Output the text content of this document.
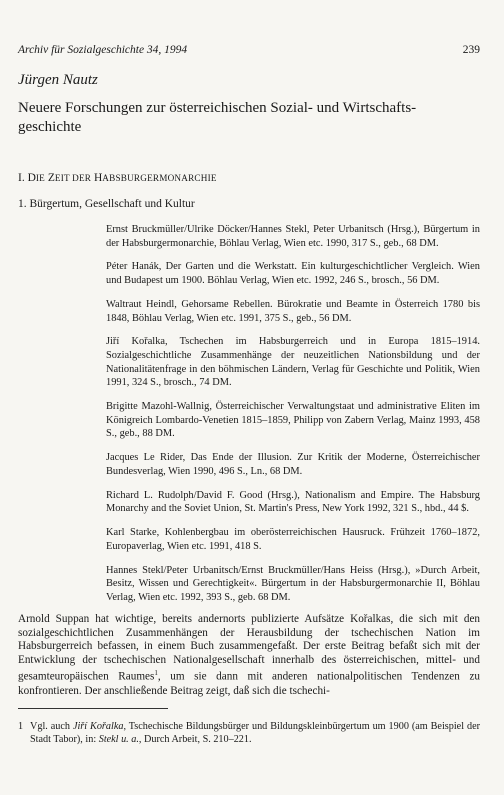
Archiv für Sozialgeschichte 34, 1994	239
Jürgen Nautz
Neuere Forschungen zur österreichischen Sozial- und Wirtschafts-geschichte
I. DIE ZEIT DER HABSBURGERMONARCHIE
1. Bürgertum, Gesellschaft und Kultur
Ernst Bruckmüller/Ulrike Döcker/Hannes Stekl, Peter Urbanitsch (Hrsg.), Bürgertum in der Habsburgermonarchie, Böhlau Verlag, Wien etc. 1990, 317 S., geb., 68 DM.
Péter Hanák, Der Garten und die Werkstatt. Ein kulturgeschichtlicher Vergleich. Wien und Budapest um 1900. Böhlau Verlag, Wien etc. 1992, 246 S., brosch., 56 DM.
Waltraut Heindl, Gehorsame Rebellen. Bürokratie und Beamte in Österreich 1780 bis 1848, Böhlau Verlag, Wien etc. 1991, 375 S., geb., 56 DM.
Jiří Kořalka, Tschechen im Habsburgerreich und in Europa 1815–1914. Sozialgeschichtliche Zusammenhänge der neuzeitlichen Nationsbildung und der Nationalitätenfrage in den böhmischen Ländern, Verlag für Geschichte und Politik, Wien 1991, 324 S., brosch., 74 DM.
Brigitte Mazohl-Wallnig, Österreichischer Verwaltungstaat und administrative Eliten im Königreich Lombardo-Venetien 1815–1859, Philipp von Zabern Verlag, Mainz 1993, 458 S., geb., 88 DM.
Jacques Le Rider, Das Ende der Illusion. Zur Kritik der Moderne, Österreichischer Bundesverlag, Wien 1990, 496 S., Ln., 68 DM.
Richard L. Rudolph/David F. Good (Hrsg.), Nationalism and Empire. The Habsburg Monarchy and the Soviet Union, St. Martin's Press, New York 1992, 321 S., hbd., 44 $.
Karl Starke, Kohlenbergbau im oberösterreichischen Hausruck. Frühzeit 1760–1872, Europaverlag, Wien etc. 1991, 418 S.
Hannes Stekl/Peter Urbanitsch/Ernst Bruckmüller/Hans Heiss (Hrsg.), »Durch Arbeit, Besitz, Wissen und Gerechtigkeit«. Bürgertum in der Habsburgermonarchie II, Böhlau Verlag, Wien etc. 1992, 393 S., geb. 68 DM.

Arnold Suppan hat wichtige, bereits andernorts publizierte Aufsätze Kořalkas, die sich mit den sozialgeschichtlichen Zusammenhängen der Herausbildung der tschechischen Nation im Habsburgerreich befassen, in einem Buch zusammengefaßt. Der erste Beitrag befaßt sich mit der Entwicklung der tschechischen Nationalgesellschaft innerhalb des österreichischen, mittel- und gesamteuropäischen Raumes$^1$, um sie dann mit anderen nationalpolitischen Tendenzen zu konfrontieren. Der anschließende Beitrag zeigt, daß sich die tschechi-

1 Vgl. auch Jiří Kořalka, Tschechische Bildungsbürger und Bildungskleinbürgertum um 1900 (am Beispiel der Stadt Tabor), in: Stekl u. a., Durch Arbeit, S. 210–221.
